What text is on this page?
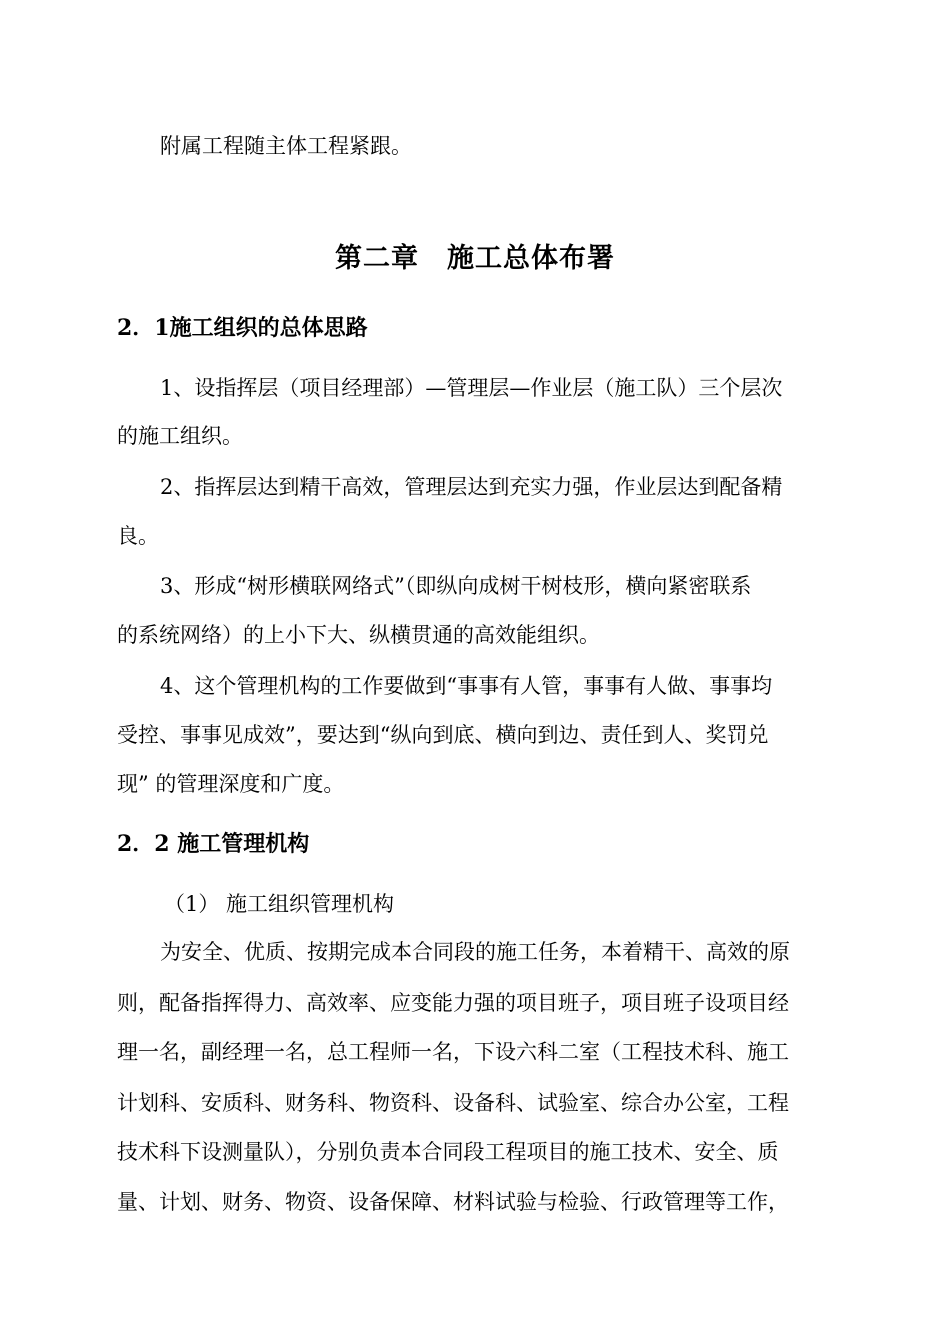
附属工程随主体工程紧跟。

第二章　施工总体布署
2．1施工组织的总体思路

1、设指挥层（项目经理部）—管理层—作业层（施工队）三个层次

的施工组织。

2、指挥层达到精干高效，管理层达到充实力强，作业层达到配备精

良。

3、形成“树形横联网络式”（即纵向成树干树枝形，横向紧密联系

的系统网络）的上小下大、纵横贯通的高效能组织。

4、这个管理机构的工作要做到“事事有人管，事事有人做、事事均

受控、事事见成效”，要达到“纵向到底、横向到边、责任到人、奖罚兑

现” 的管理深度和广度。

2．2 施工管理机构

（1） 施工组织管理机构

为安全、优质、按期完成本合同段的施工任务，本着精干、高效的原

则，配备指挥得力、高效率、应变能力强的项目班子，项目班子设项目经

理一名，副经理一名，总工程师一名，下设六科二室（工程技术科、施工

计划科、安质科、财务科、物资科、设备科、试验室、综合办公室，工程

技术科下设测量队），分别负责本合同段工程项目的施工技术、安全、质

量、计划、财务、物资、设备保障、材料试验与检验、行政管理等工作，
